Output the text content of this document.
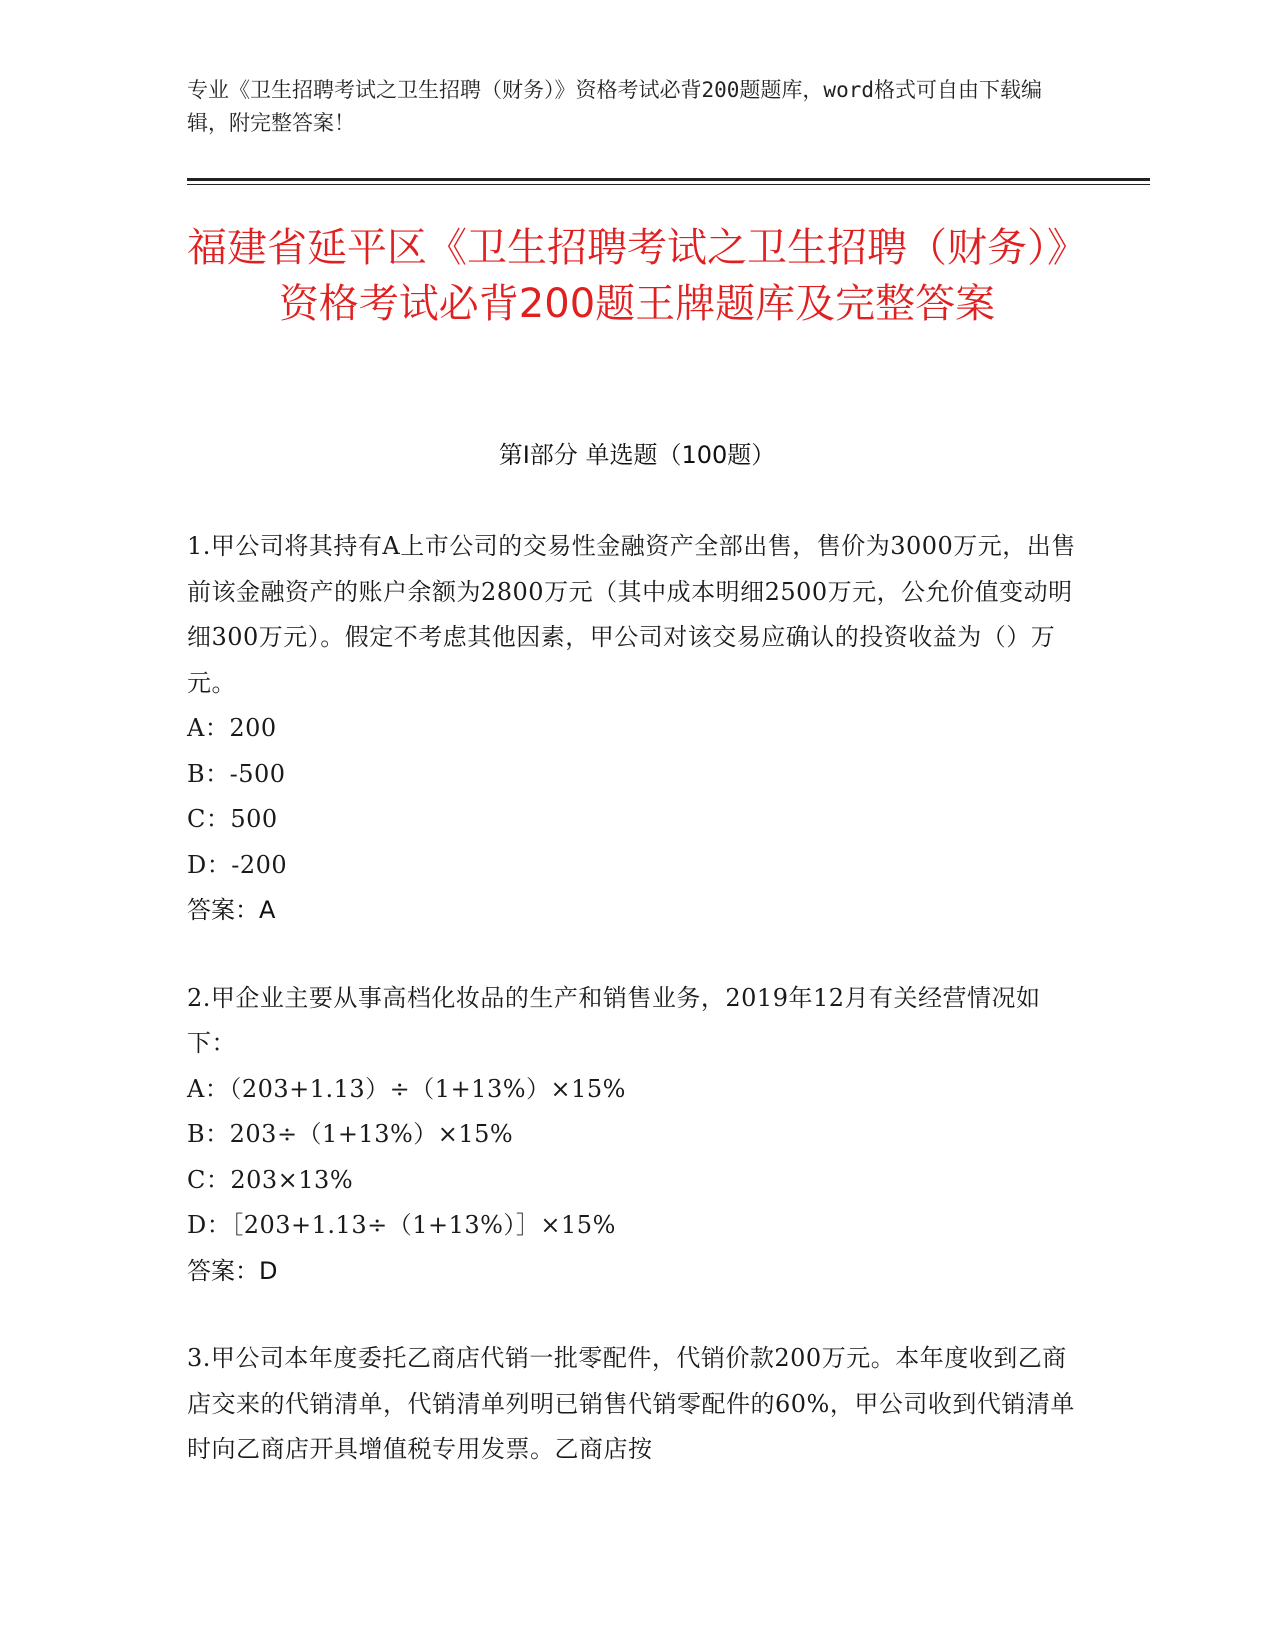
专业《卫生招聘考试之卫生招聘（财务）》资格考试必背200题题库，word格式可自由下载编辑，附完整答案！

福建省延平区《卫生招聘考试之卫生招聘（财务）》资格考试必背200题王牌题库及完整答案
第I部分 单选题（100题）

1.甲公司将其持有A上市公司的交易性金融资产全部出售，售价为3000万元，出售前该金融资产的账户余额为2800万元（其中成本明细2500万元，公允价值变动明细300万元）。假定不考虑其他因素，甲公司对该交易应确认的投资收益为（）万元。

A：200

B：-500

C：500

D：-200

答案：A

2.甲企业主要从事高档化妆品的生产和销售业务，2019年12月有关经营情况如下：

A：（203+1.13）÷（1+13%）×15%

B：203÷（1+13%）×15%

C：203×13%

D：［203+1.13÷（1+13%）］×15%

答案：D

3.甲公司本年度委托乙商店代销一批零配件，代销价款200万元。本年度收到乙商店交来的代销清单，代销清单列明已销售代销零配件的60%，甲公司收到代销清单时向乙商店开具增值税专用发票。乙商店按
